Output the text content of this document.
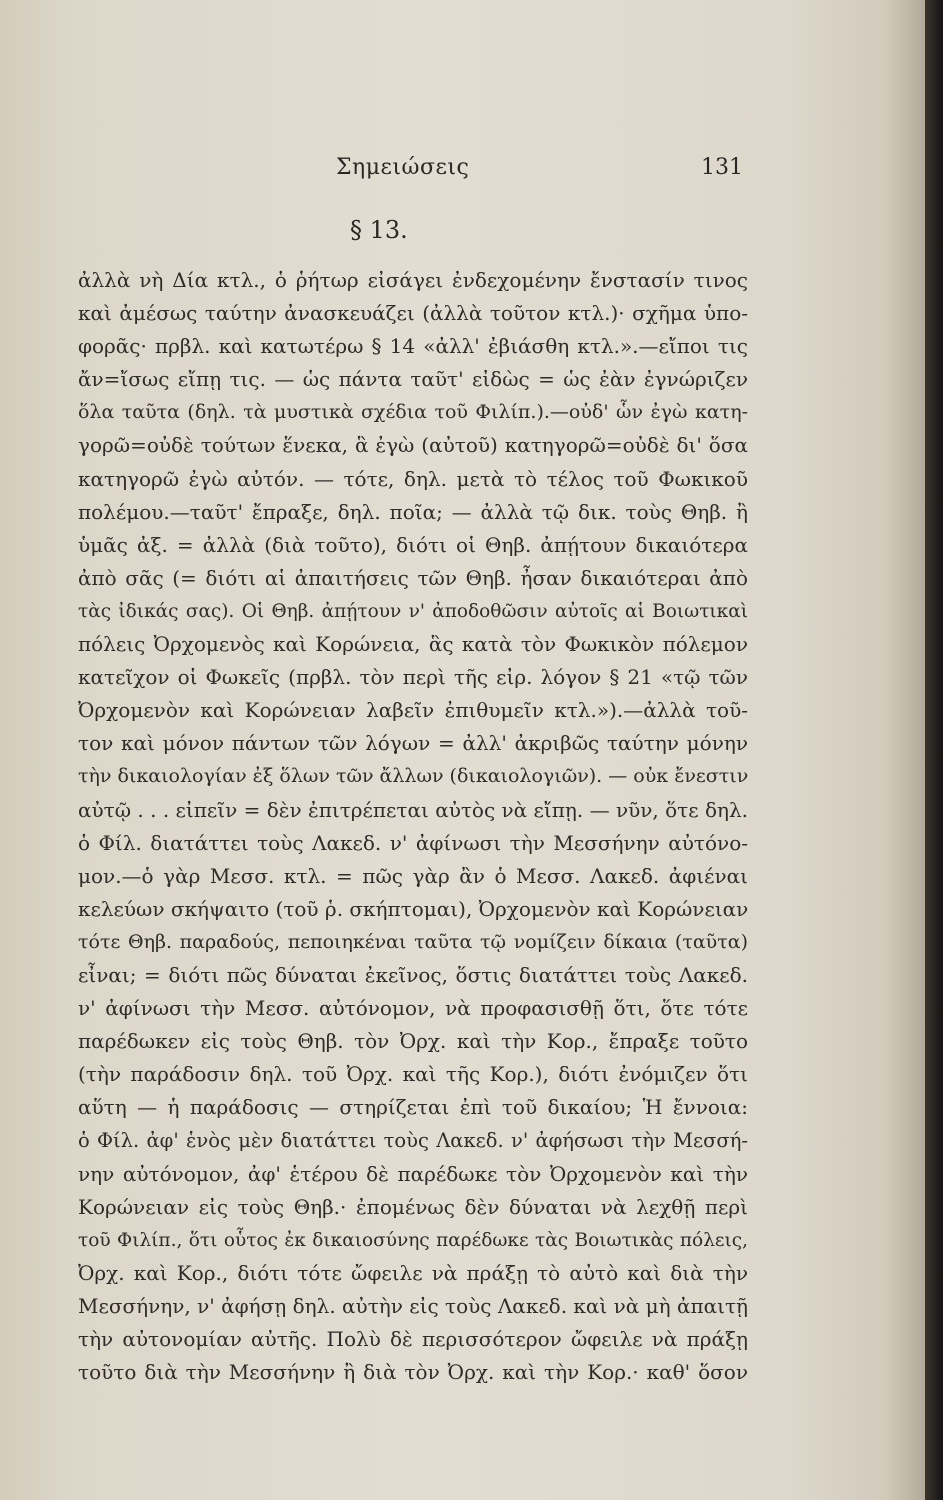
Σημειώσεις	131
§ 13.
ἀλλὰ νὴ Δία κτλ., ὁ ῥήτωρ εἰσάγει ἐνδεχομένην ἔνστασίν τινος
καὶ ἀμέσως ταύτην ἀνασκευάζει (ἀλλὰ τοῦτον κτλ.)· σχῆμα ὑπο-
φορᾶς· πρβλ. καὶ κατωτέρω § 14 «ἀλλ' ἐβιάσθη κτλ.».—εἴποι τις
ἄν=ἴσως εἴπῃ τις. — ὡς πάντα ταῦτ' εἰδὼς = ὡς ἐὰν ἐγνώριζεν
ὅλα ταῦτα (δηλ. τὰ μυστικὰ σχέδια τοῦ Φιλίπ.).—οὐδ' ὧν ἐγὼ κατη-
γορῶ=οὐδὲ τούτων ἕνεκα, ἃ ἐγὼ (αὐτοῦ) κατηγορῶ=οὐδὲ δι' ὅσα
κατηγορῶ ἐγὼ αὐτόν. — τότε, δηλ. μετὰ τὸ τέλος τοῦ Φωκικοῦ
πολέμου.—ταῦτ' ἔπραξε, δηλ. ποῖα; — ἀλλὰ τῷ δικ. τοὺς Θηβ. ἢ
ὑμᾶς ἀξ. = ἀλλὰ (διὰ τοῦτο), διότι οἱ Θηβ. ἀπῄτουν δικαιότερα
ἀπὸ σᾶς (= διότι αἱ ἀπαιτήσεις τῶν Θηβ. ἦσαν δικαιότεραι ἀπὸ
τὰς ἰδικάς σας). Οἱ Θηβ. ἀπῄτουν ν' ἀποδοθῶσιν αὐτοῖς αἱ Βοιωτικαὶ
πόλεις Ὀρχομενὸς καὶ Κορώνεια, ἃς κατὰ τὸν Φωκικὸν πόλεμον
κατεῖχον οἱ Φωκεῖς (πρβλ. τὸν περὶ τῆς εἰρ. λόγον § 21 «τῷ τῶν
Ὀρχομενὸν καὶ Κορώνειαν λαβεῖν ἐπιθυμεῖν κτλ.»).—ἀλλὰ τοῦ-
τον καὶ μόνον πάντων τῶν λόγων = ἀλλ' ἀκριβῶς ταύτην μόνην
τὴν δικαιολογίαν ἐξ ὅλων τῶν ἄλλων (δικαιολογιῶν). — οὐκ ἔνεστιν
αὐτῷ . . . εἰπεῖν = δὲν ἐπιτρέπεται αὐτὸς νὰ εἴπῃ. — νῦν, ὅτε δηλ.
ὁ Φίλ. διατάττει τοὺς Λακεδ. ν' ἀφίνωσι τὴν Μεσσήνην αὐτόνο-
μον.—ὁ γὰρ Μεσσ. κτλ. = πῶς γὰρ ἂν ὁ Μεσσ. Λακεδ. ἀφιέναι
κελεύων σκήψαιτο (τοῦ ῥ. σκήπτομαι), Ὀρχομενὸν καὶ Κορώνειαν
τότε Θηβ. παραδούς, πεποιηκέναι ταῦτα τῷ νομίζειν δίκαια (ταῦτα)
εἶναι; = διότι πῶς δύναται ἐκεῖνος, ὅστις διατάττει τοὺς Λακεδ.
ν' ἀφίνωσι τὴν Μεσσ. αὐτόνομον, νὰ προφασισθῇ ὅτι, ὅτε τότε
παρέδωκεν εἰς τοὺς Θηβ. τὸν Ὀρχ. καὶ τὴν Κορ., ἔπραξε τοῦτο
(τὴν παράδοσιν δηλ. τοῦ Ὀρχ. καὶ τῆς Κορ.), διότι ἐνόμιζεν ὅτι
αὕτη — ἡ παράδοσις — στηρίζεται ἐπὶ τοῦ δικαίου; Ἡ ἔννοια:
ὁ Φίλ. ἀφ' ἑνὸς μὲν διατάττει τοὺς Λακεδ. ν' ἀφήσωσι τὴν Μεσσή-
νην αὐτόνομον, ἀφ' ἑτέρου δὲ παρέδωκε τὸν Ὀρχομενὸν καὶ τὴν
Κορώνειαν εἰς τοὺς Θηβ.· ἐπομένως δὲν δύναται νὰ λεχθῇ περὶ
τοῦ Φιλίπ., ὅτι οὗτος ἐκ δικαιοσύνης παρέδωκε τὰς Βοιωτικὰς πόλεις,
Ὀρχ. καὶ Κορ., διότι τότε ὤφειλε νὰ πράξῃ τὸ αὐτὸ καὶ διὰ τὴν
Μεσσήνην, ν' ἀφήσῃ δηλ. αὐτὴν εἰς τοὺς Λακεδ. καὶ νὰ μὴ ἀπαιτῇ
τὴν αὐτονομίαν αὐτῆς. Πολὺ δὲ περισσότερον ὤφειλε νὰ πράξῃ
τοῦτο διὰ τὴν Μεσσήνην ἢ διὰ τὸν Ὀρχ. καὶ τὴν Κορ.· καθ' ὅσον
